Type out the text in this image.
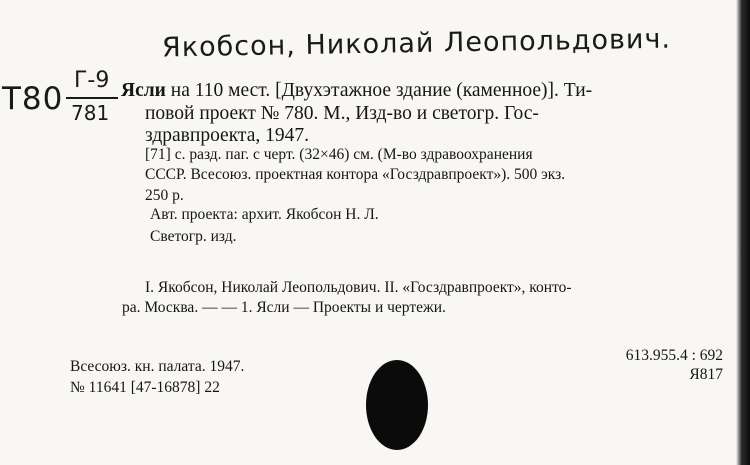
Якобсон, Николай Леопольдович.
Т80
Г-9
781
Ясли на 110 мест. [Двухэтажное здание (каменное)]. Ти-
повой проект № 780. М., Изд-во и светогр. Гос-
здравпроекта, 1947.
[71] с. разд. паг. с черт. (32×46) см. (М-во здравоохранения
СССР. Всесоюз. проектная контора «Госздравпроект»). 500 экз.
250 р.
Авт. проекта: архит. Якобсон Н. Л.
Светогр. изд.
I. Якобсон, Николай Леопольдович. II. «Госздравпроект», конто-
ра. Москва. — — 1. Ясли — Проекты и чертежи.
Всесоюз. кн. палата. 1947.
№ 11641 [47-16878] 22
613.955.4 : 692
Я817
